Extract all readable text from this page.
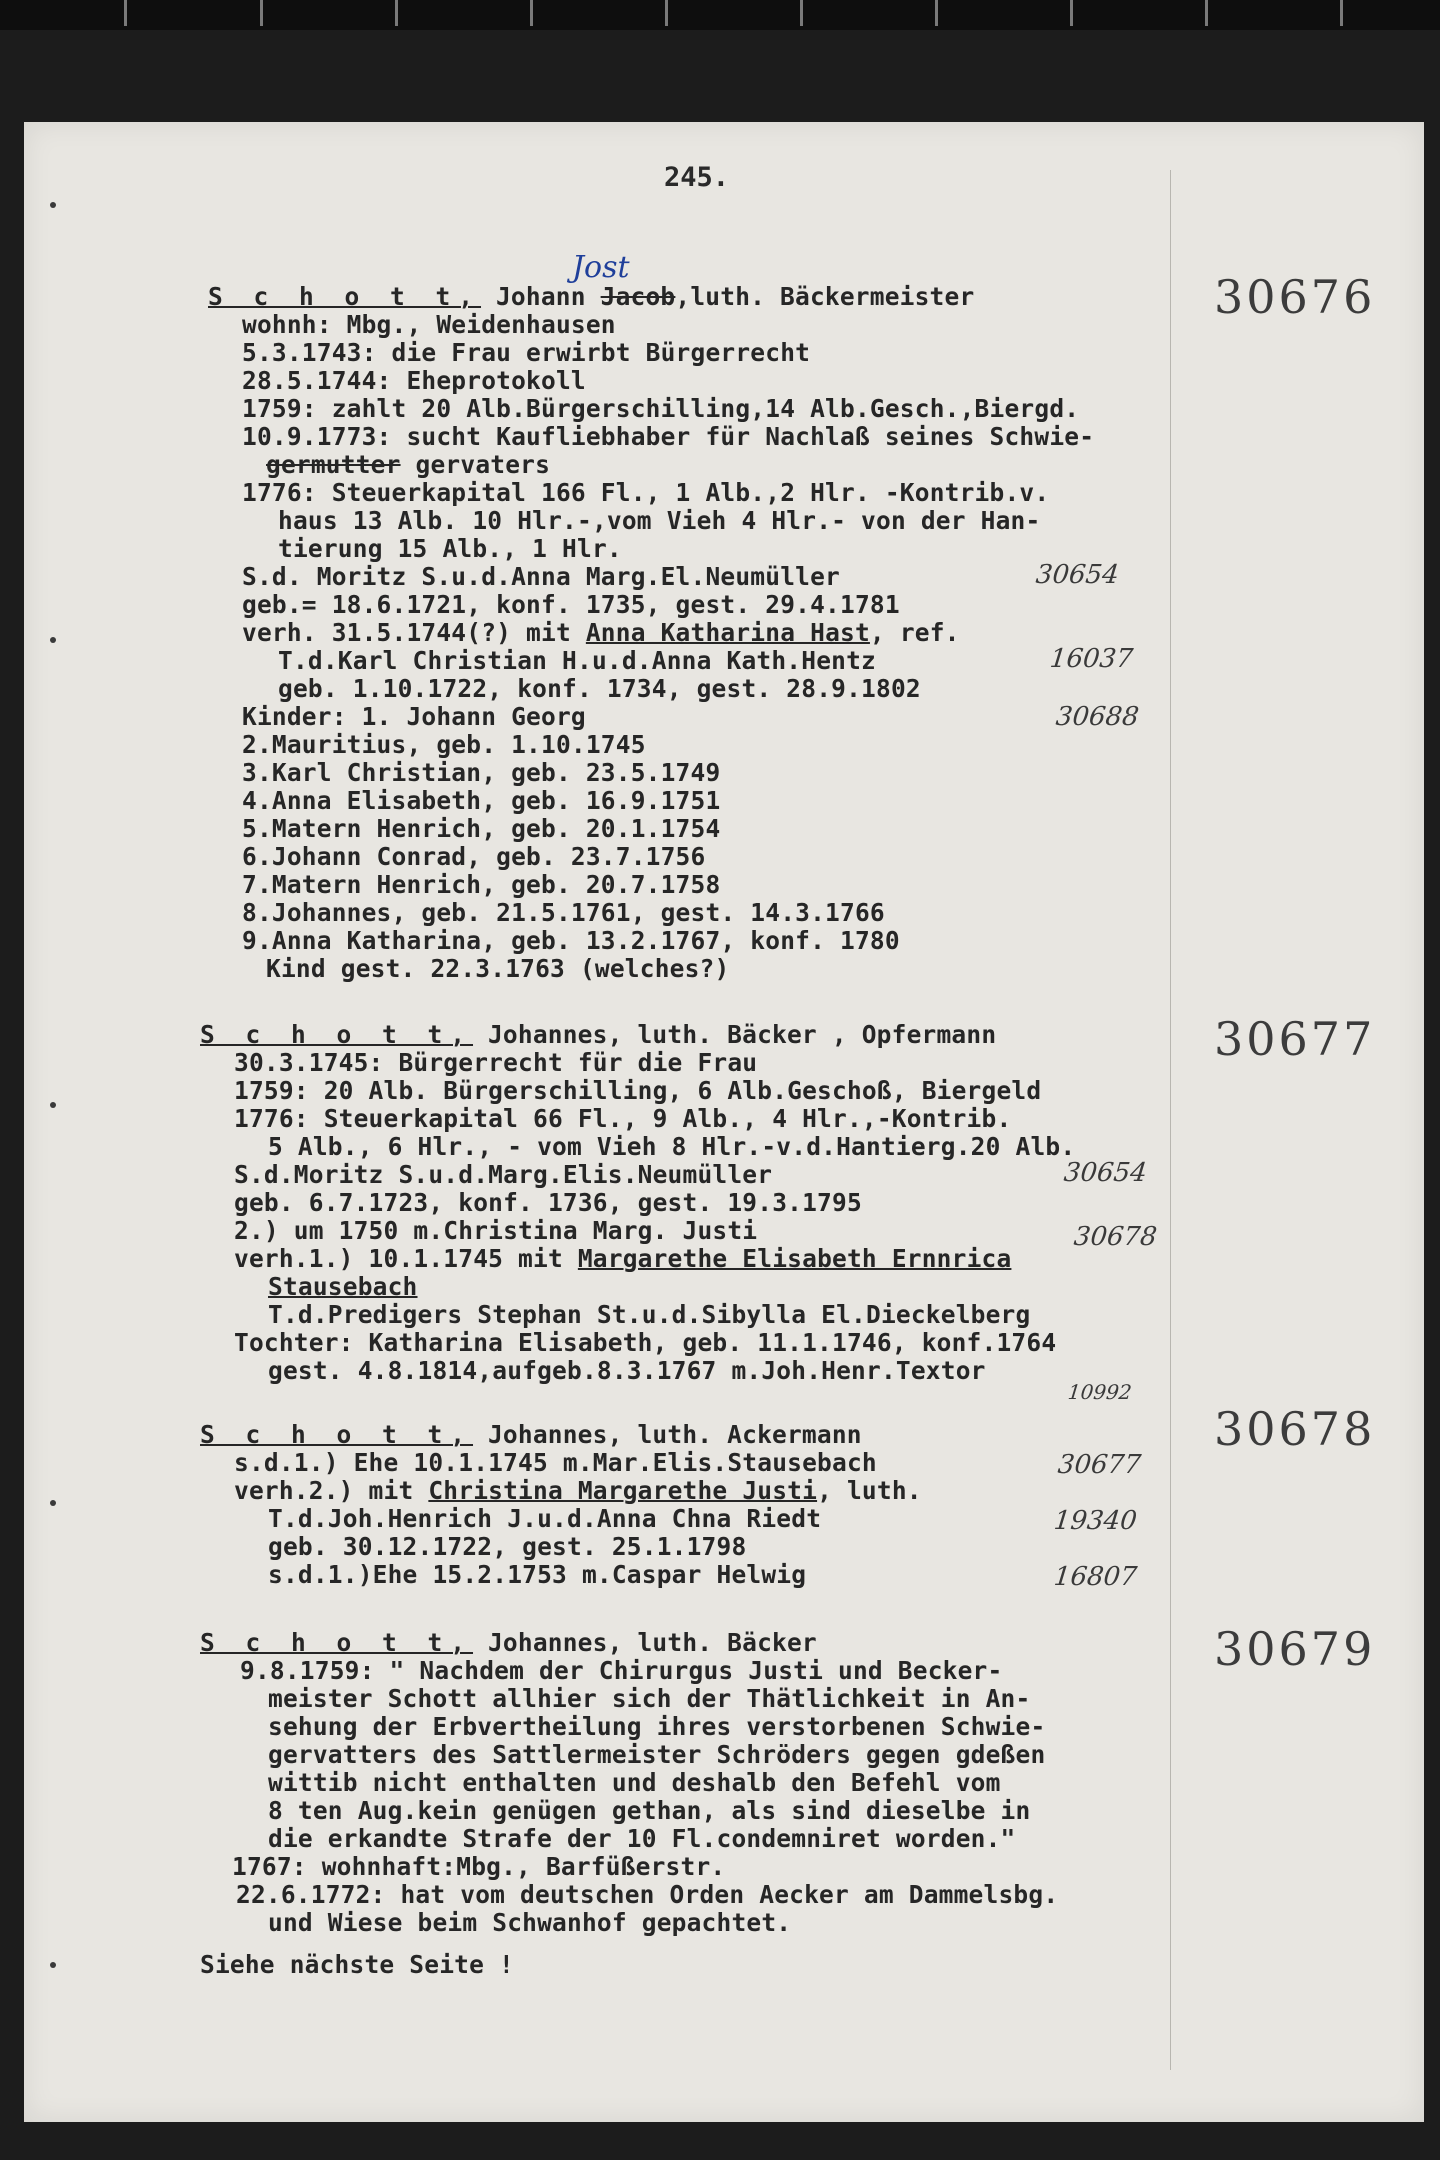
245.
Jost
S c h o t t, Johann Jacob,luth. Bäckermeister	30676
wohnh: Mbg., Weidenhausen
5.3.1743: die Frau erwirbt Bürgerrecht
28.5.1744: Eheprotokoll
1759: zahlt 20 Alb.Bürgerschilling,14 Alb.Gesch.,Biergd.
10.9.1773: sucht Kaufliebhaber für Nachlaß seines Schwie-
germutter gervaters
1776: Steuerkapital 166 Fl., 1 Alb.,2 Hlr. -Kontrib.v.
haus 13 Alb. 10 Hlr.-,vom Vieh 4 Hlr.- von der Han-
tierung 15 Alb., 1 Hlr.
S.d. Moritz S.u.d.Anna Marg.El.Neumüller	30654
geb.= 18.6.1721, konf. 1735, gest. 29.4.1781
verh. 31.5.1744(?) mit Anna Katharina Hast, ref.
T.d.Karl Christian H.u.d.Anna Kath.Hentz	16037
geb. 1.10.1722, konf. 1734, gest. 28.9.1802
Kinder: 1. Johann Georg	30688
2.Mauritius, geb. 1.10.1745
3.Karl Christian, geb. 23.5.1749
4.Anna Elisabeth, geb. 16.9.1751
5.Matern Henrich, geb. 20.1.1754
6.Johann Conrad, geb. 23.7.1756
7.Matern Henrich, geb. 20.7.1758
8.Johannes, geb. 21.5.1761, gest. 14.3.1766
9.Anna Katharina, geb. 13.2.1767, konf. 1780
Kind gest. 22.3.1763 (welches?)
S c h o t t, Johannes, luth. Bäcker , Opfermann	30677
30.3.1745: Bürgerrecht für die Frau
1759: 20 Alb. Bürgerschilling, 6 Alb.Geschoß, Biergeld
1776: Steuerkapital 66 Fl., 9 Alb., 4 Hlr.,-Kontrib.
5 Alb., 6 Hlr., - vom Vieh 8 Hlr.-v.d.Hantierg.20 Alb.
S.d.Moritz S.u.d.Marg.Elis.Neumüller	30654
geb. 6.7.1723, konf. 1736, gest. 19.3.1795
2.) um 1750 m.Christina Marg. Justi	30678
verh.1.) 10.1.1745 mit Margarethe Elisabeth Ernnrica
Stausebach
T.d.Predigers Stephan St.u.d.Sibylla El.Dieckelberg
Tochter: Katharina Elisabeth, geb. 11.1.1746, konf.1764
gest. 4.8.1814,aufgeb.8.3.1767 m.Joh.Henr.Textor
10992
S c h o t t, Johannes, luth. Ackermann	30678
s.d.1.) Ehe 10.1.1745 m.Mar.Elis.Stausebach	30677
verh.2.) mit Christina Margarethe Justi, luth.
T.d.Joh.Henrich J.u.d.Anna Chna Riedt	19340
geb. 30.12.1722, gest. 25.1.1798
s.d.1.)Ehe 15.2.1753 m.Caspar Helwig	16807
S c h o t t, Johannes, luth. Bäcker	30679
9.8.1759: " Nachdem der Chirurgus Justi und Becker-
meister Schott allhier sich der Thätlichkeit in An-
sehung der Erbvertheilung ihres verstorbenen Schwie-
gervatters des Sattlermeister Schröders gegen gdeßen
wittib nicht enthalten und deshalb den Befehl vom
8 ten Aug.kein genügen gethan, als sind dieselbe in
die erkandte Strafe der 10 Fl.condemniret worden."
1767: wohnhaft:Mbg., Barfüßerstr.
22.6.1772: hat vom deutschen Orden Aecker am Dammelsbg.
und Wiese beim Schwanhof gepachtet.
Siehe nächste Seite !
